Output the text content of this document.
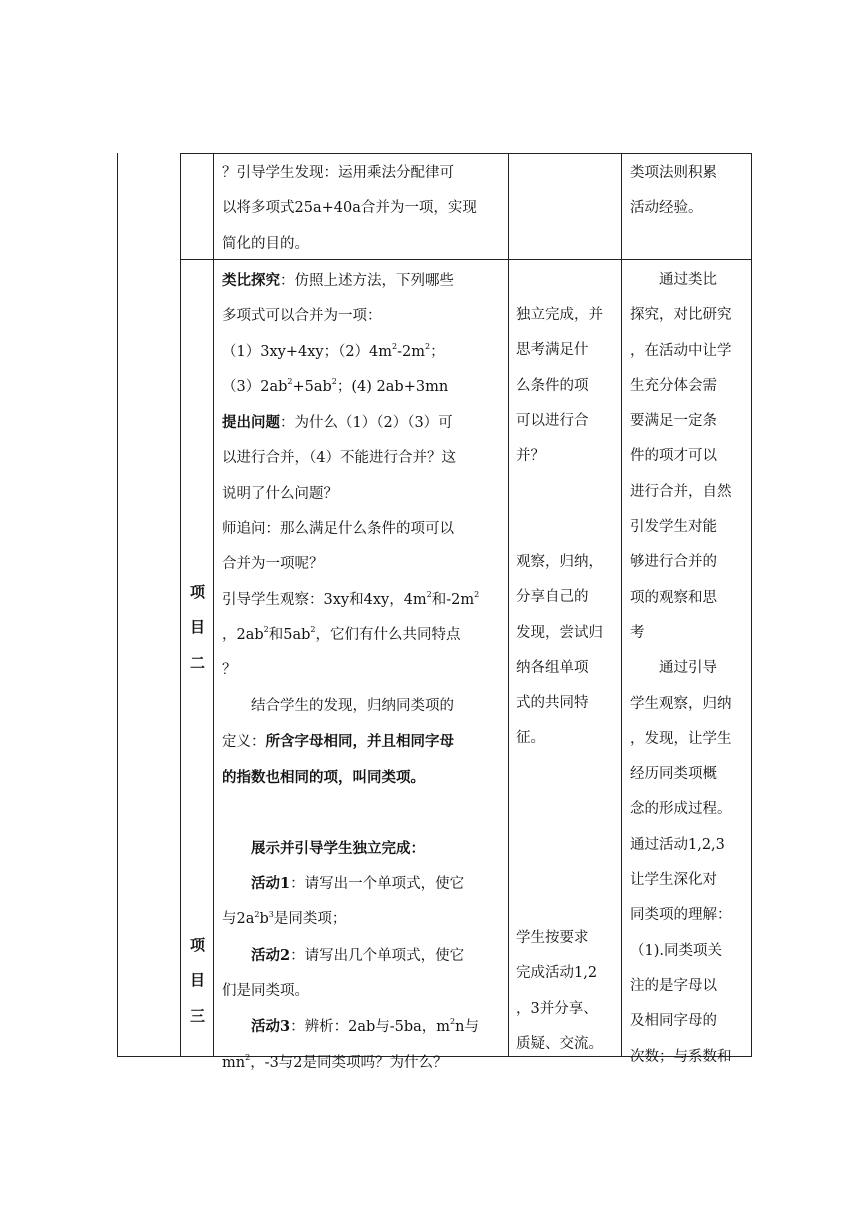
？引导学生发现：运用乘法分配律可
以将多项式25a+40a合并为一项，实现
简化的目的。
类项法则积累
活动经验。
项
目
二
项
目
三
类比探究：仿照上述方法，下列哪些
多项式可以合并为一项：
（1）3xy+4xy；$(2)4m^2-2m^2$；
$(3)2ab^2+5ab^2$；(4) 2ab+3mn
提出问题：为什么（1）（2）（3）可
以进行合并，（4）不能进行合并？这
说明了什么问题？
师追问：那么满足什么条件的项可以
合并为一项呢？
引导学生观察：3xy和4xy，$4m^2$和$-2m^2$
，$2ab^2$和$5ab^2$，它们有什么共同特点
？
结合学生的发现，归纳同类项的
定义：所含字母相同，并且相同字母
的指数也相同的项，叫同类项。

展示并引导学生独立完成：
活动1：请写出一个单项式，使它
与$2a^2b^3$是同类项；
活动2：请写出几个单项式，使它
们是同类项。
活动3：辨析：2ab与-5ba，$m^2n$与
$mn^2$，-3与2是同类项吗？为什么？
独立完成，并
思考满足什
么条件的项
可以进行合
并？
观察，归纳，
分享自己的
发现，尝试归
纳各组单项
式的共同特
征。
学生按要求
完成活动1,2
，3并分享、
质疑、交流。
通过类比
探究，对比研究
，在活动中让学
生充分体会需
要满足一定条
件的项才可以
进行合并，自然
引发学生对能
够进行合并的
项的观察和思
考
通过引导
学生观察，归纳
，发现，让学生
经历同类项概
念的形成过程。
通过活动1,2,3
让学生深化对
同类项的理解：
（1).同类项关
注的是字母以
及相同字母的
次数；与系数和
